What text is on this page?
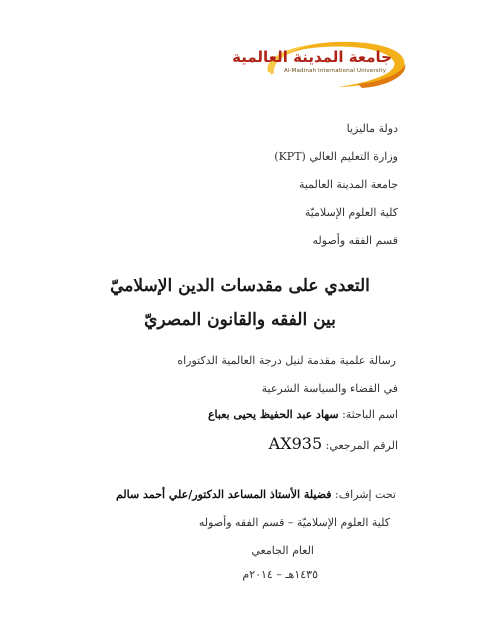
جامعة المدينة العالمية
Al-Madinah International University
دولة ماليزيا
وزارة التعليم العالي (KPT)
جامعة المدينة العالمية
كلية العلوم الإسلاميّة
قسم الفقه وأصوله
التعدي على مقدسات الدين الإسلاميّ
بين الفقه والقانون المصريّ
رسالة علمية مقدمة لنيل درجة العالمية الدكتوراه
في القضاء والسياسة الشرعية
اسم الباحثة: سهاد عبد الحفيظ يحيى بعباع
الرقم المرجعي: AX935
تحت إشراف: فضيلة الأستاذ المساعد الدكتور/علي أحمد سالم
كلية العلوم الإسلاميّة – قسم الفقه وأصوله
العام الجامعي
١٤٣٥هـ – ٢٠١٤م
